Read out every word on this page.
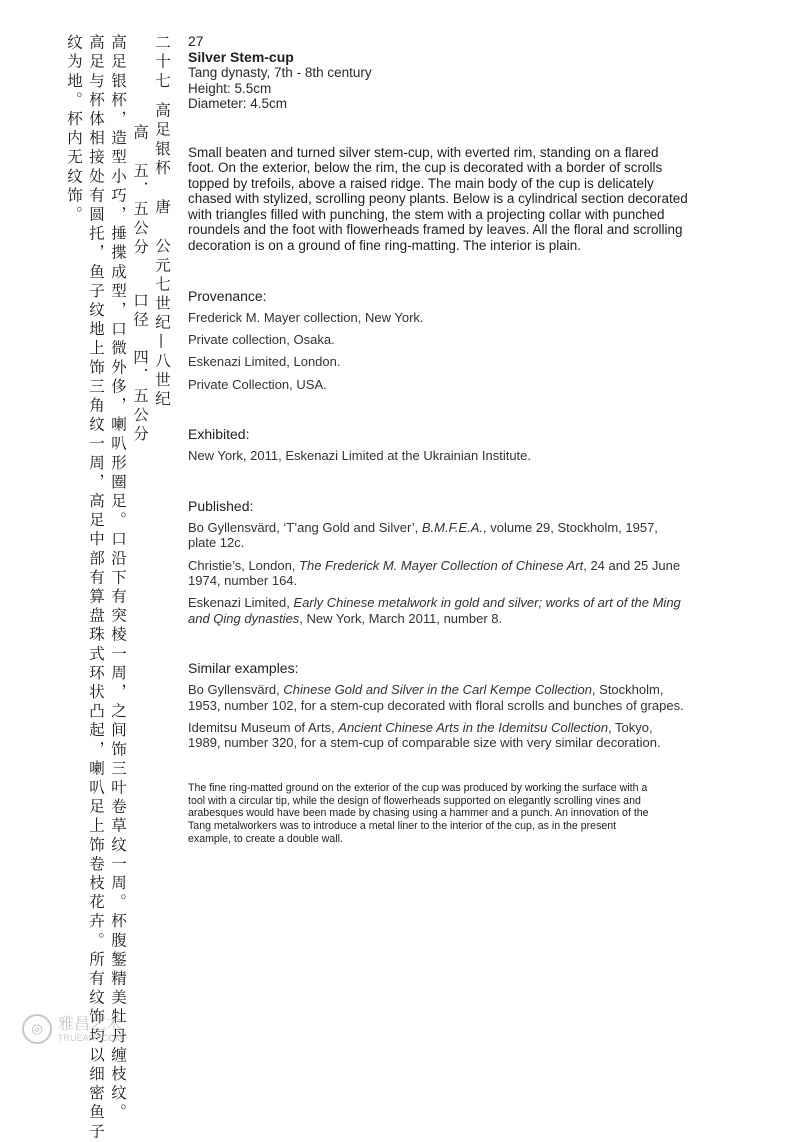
二十七
高足银杯唐公元七世纪—八世纪
高　五．五公分口径　四．五公分
高足银杯，造型小巧，捶揲成型，口微外侈，喇叭形圈足。口沿下有突棱一周，之间饰三叶卷草纹一周。杯腹錾精美牡丹缠枝纹。
高足与杯体相接处有圆托，鱼子纹地上饰三角纹一周，高足中部有算盘珠式环状凸起，喇叭足上饰卷枝花卉。所有纹饰均以细密鱼子
纹为地。杯内无纹饰。	27
Silver Stem-cup
Tang dynasty, 7th - 8th century
Height: 5.5cm
Diameter: 4.5cm
Small beaten and turned silver stem-cup, with everted rim, standing on a flared foot. On the exterior, below the rim, the cup is decorated with a border of scrolls topped by trefoils, above a raised ridge. The main body of the cup is delicately chased with stylized, scrolling peony plants. Below is a cylindrical section decorated with triangles filled with punching, the stem with a projecting collar with punched roundels and the foot with flowerheads framed by leaves. All the floral and scrolling decoration is on a ground of fine ring-matting. The interior is plain.
Provenance:

Frederick M. Mayer collection, New York.

Private collection, Osaka.

Eskenazi Limited, London.

Private Collection, USA.

Exhibited:

New York, 2011, Eskenazi Limited at the Ukrainian Institute.

Published:

Bo Gyllensvärd, ‘T’ang Gold and Silver’, B.M.F.E.A., volume 29, Stockholm, 1957, plate 12c.

Christie’s, London, The Frederick M. Mayer Collection of Chinese Art, 24 and 25 June 1974, number 164.

Eskenazi Limited, Early Chinese metalwork in gold and silver; works of art of the Ming and Qing dynasties, New York, March 2011, number 8.

Similar examples:

Bo Gyllensvärd, Chinese Gold and Silver in the Carl Kempe Collection, Stockholm, 1953, number 102, for a stem-cup decorated with floral scrolls and bunches of grapes.

Idemitsu Museum of Arts, Ancient Chinese Arts in the Idemitsu Collection, Tokyo, 1989, number 320, for a stem-cup of comparable size with very similar decoration.

The fine ring-matted ground on the exterior of the cup was produced by working the surface with a tool with a circular tip, while the design of flowerheads supported on elegantly scrolling vines and arabesques would have been made by chasing using a hammer and a punch. An innovation of the Tang metalworkers was to introduce a metal liner to the interior of the cup, as in the present example, to create a double wall.
◎ 雅昌艺术
TRUEART.COM
